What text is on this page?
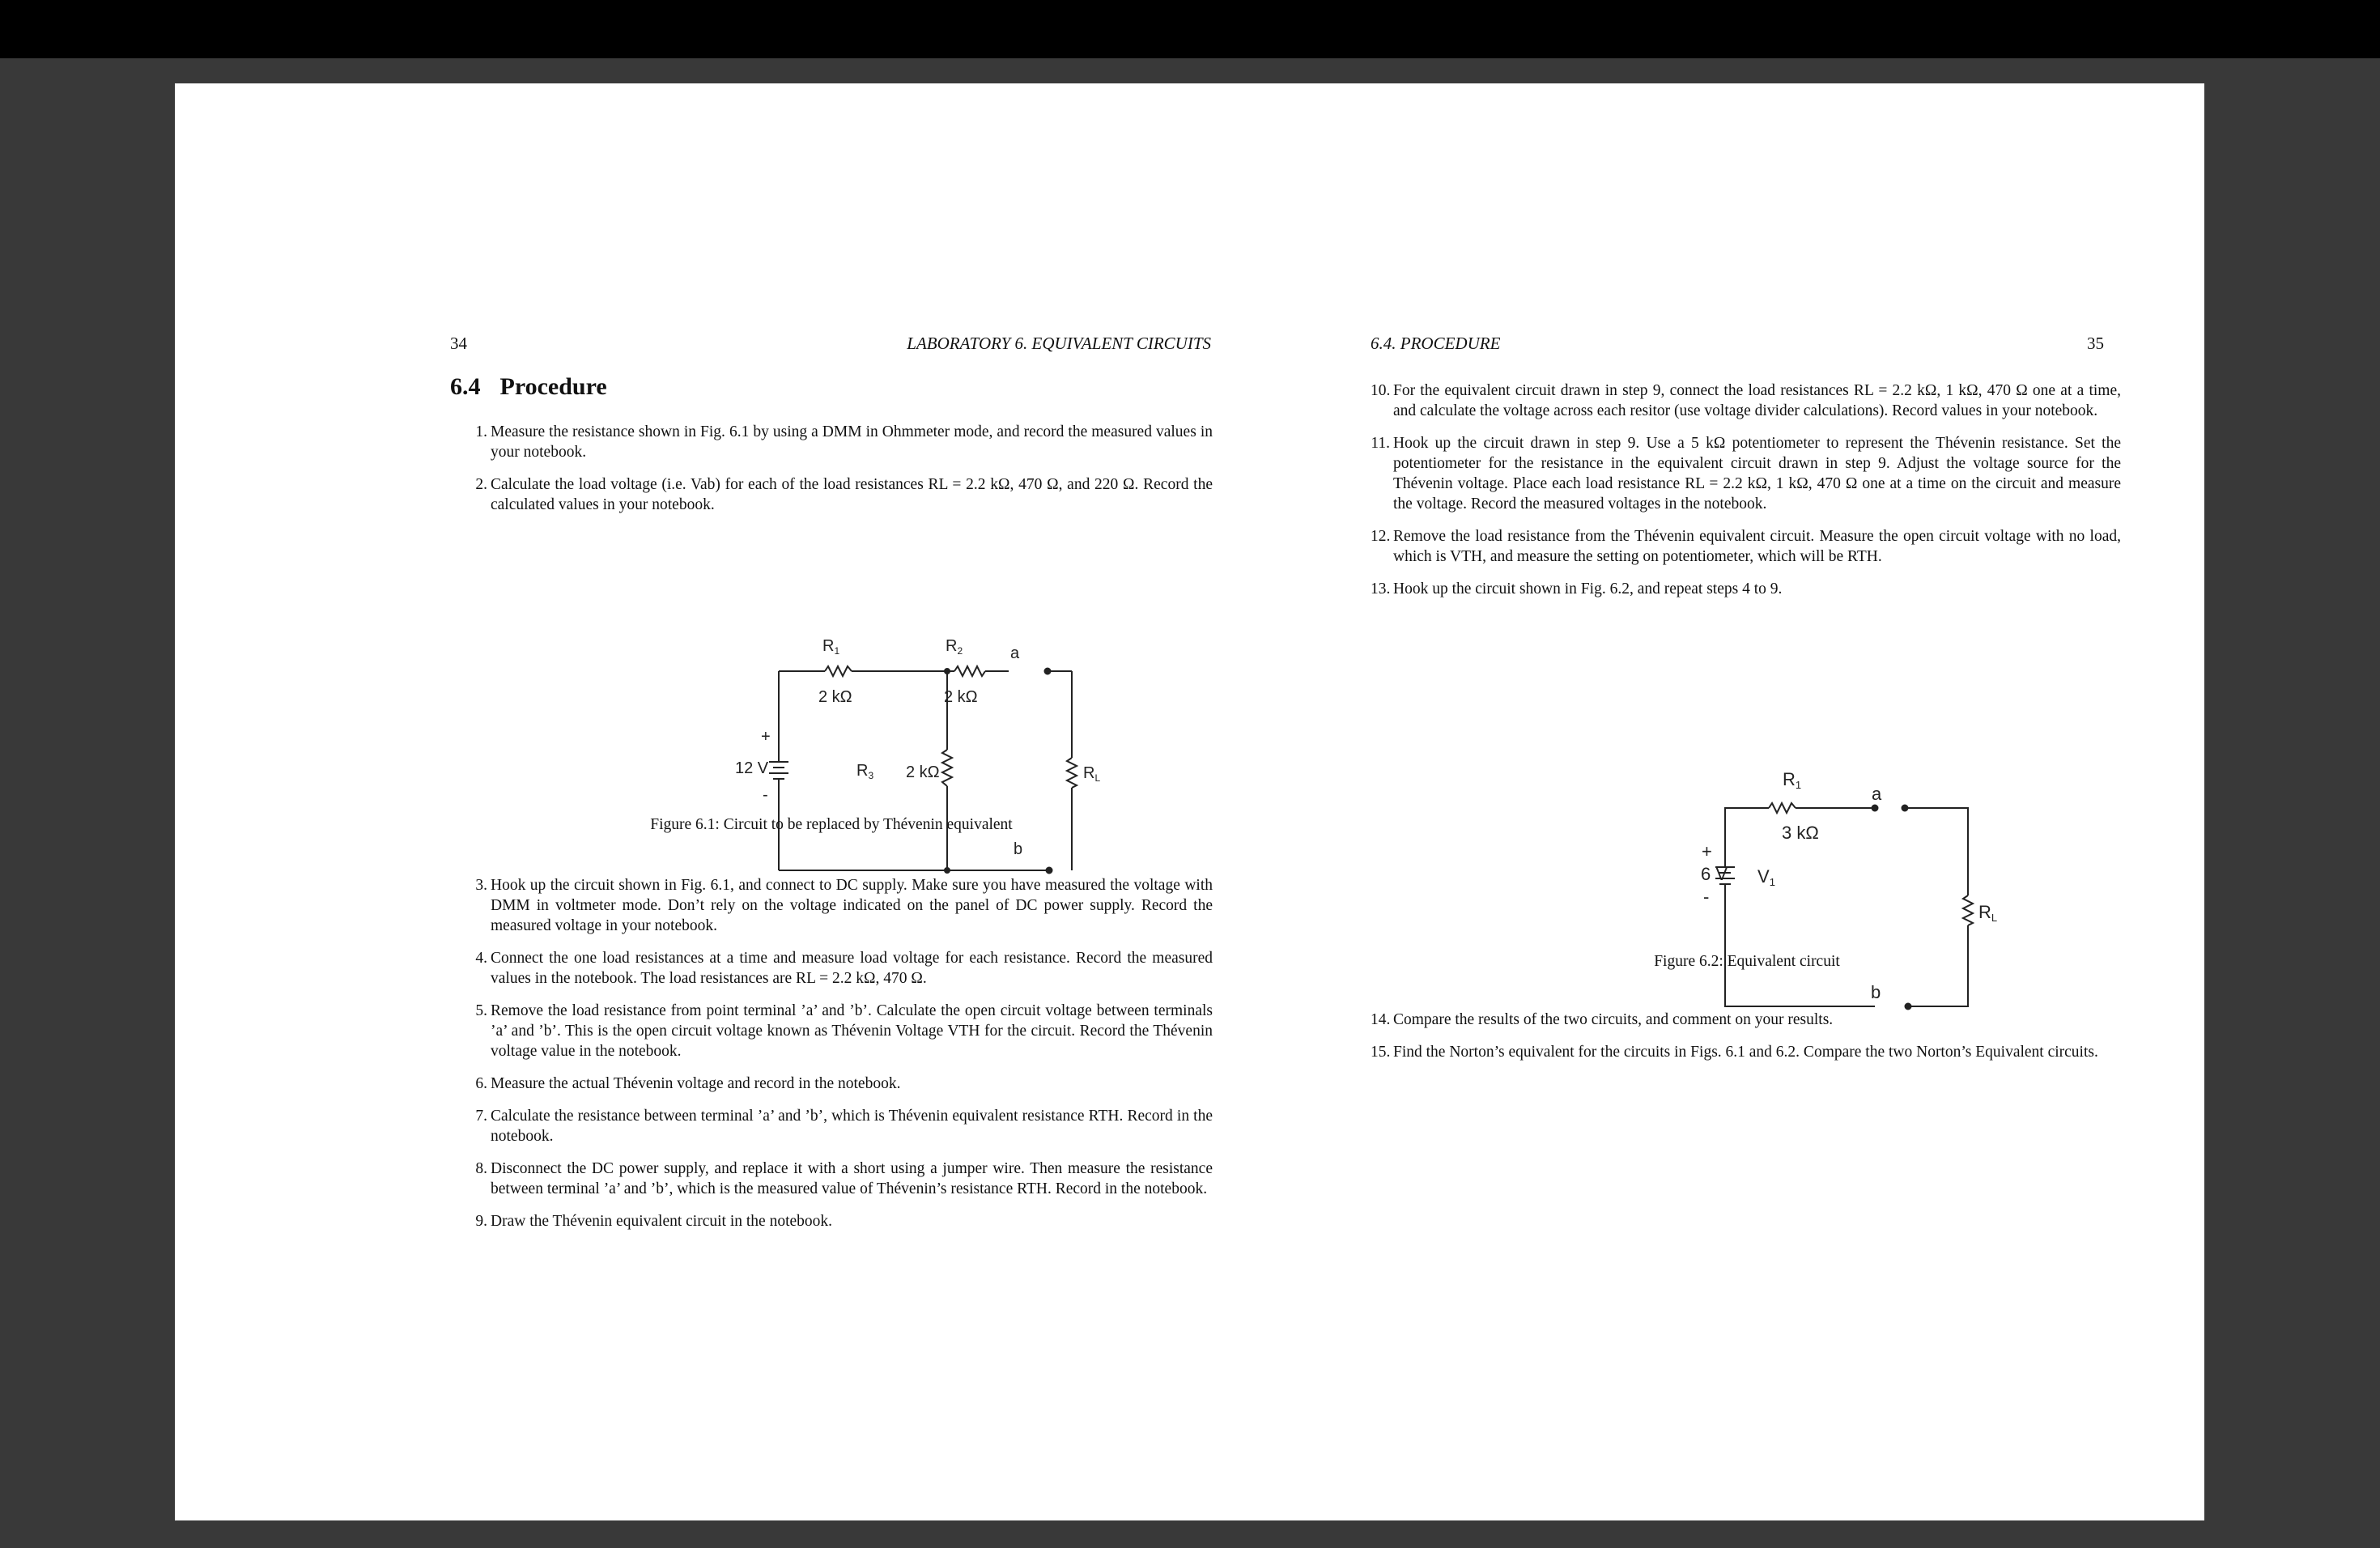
34	LABORATORY 6. EQUIVALENT CIRCUITS
6.4 Procedure
1. Measure the resistance shown in Fig. 6.1 by using a DMM in Ohmmeter mode, and record the measured values in your notebook.
2. Calculate the load voltage (i.e. Vab) for each of the load resistances RL = 2.2 kΩ, 470 Ω, and 220 Ω. Record the calculated values in your notebook.
$R_1$
2 kΩ
$R_2$
2 kΩ
a
b
+
-
12 V	$R_3$ 2 kΩ	$R_L$
Figure 6.1: Circuit to be replaced by Thévenin equivalent
3. Hook up the circuit shown in Fig. 6.1, and connect to DC supply. Make sure you have measured the voltage with DMM in voltmeter mode. Don’t rely on the voltage indicated on the panel of DC power supply. Record the measured voltage in your notebook.
4. Connect the one load resistances at a time and measure load voltage for each resistance. Record the measured values in the notebook. The load resistances are RL = 2.2 kΩ, 470 Ω.
5. Remove the load resistance from point terminal ’a’ and ’b’. Calculate the open circuit voltage between terminals ’a’ and ’b’. This is the open circuit voltage known as Thévenin Voltage VTH for the circuit. Record the Thévenin voltage value in the notebook.
6. Measure the actual Thévenin voltage and record in the notebook.
7. Calculate the resistance between terminal ’a’ and ’b’, which is Thévenin equivalent resistance RTH. Record in the notebook.
8. Disconnect the DC power supply, and replace it with a short using a jumper wire. Then measure the resistance between terminal ’a’ and ’b’, which is the measured value of Thévenin’s resistance RTH. Record in the notebook.
9. Draw the Thévenin equivalent circuit in the notebook.
6.4. PROCEDURE	35
10. For the equivalent circuit drawn in step 9, connect the load resistances RL = 2.2 kΩ, 1 kΩ, 470 Ω one at a time, and calculate the voltage across each resitor (use voltage divider calculations). Record values in your notebook.
11. Hook up the circuit drawn in step 9. Use a 5 kΩ potentiometer to represent the Thévenin resistance. Set the potentiometer for the resistance in the equivalent circuit drawn in step 9. Adjust the voltage source for the Thévenin voltage. Place each load resistance RL = 2.2 kΩ, 1 kΩ, 470 Ω one at a time on the circuit and measure the voltage. Record the measured voltages in the notebook.
12. Remove the load resistance from the Thévenin equivalent circuit. Measure the open circuit voltage with no load, which is VTH, and measure the setting on potentiometer, which will be RTH.
13. Hook up the circuit shown in Fig. 6.2, and repeat steps 4 to 9.
R1
3 kΩ
a
b
6 V
+
-
V1
RL
Figure 6.2: Equivalent circuit
14. Compare the results of the two circuits, and comment on your results.
15. Find the Norton’s equivalent for the circuits in Figs. 6.1 and 6.2. Compare the two Norton’s Equivalent circuits.
